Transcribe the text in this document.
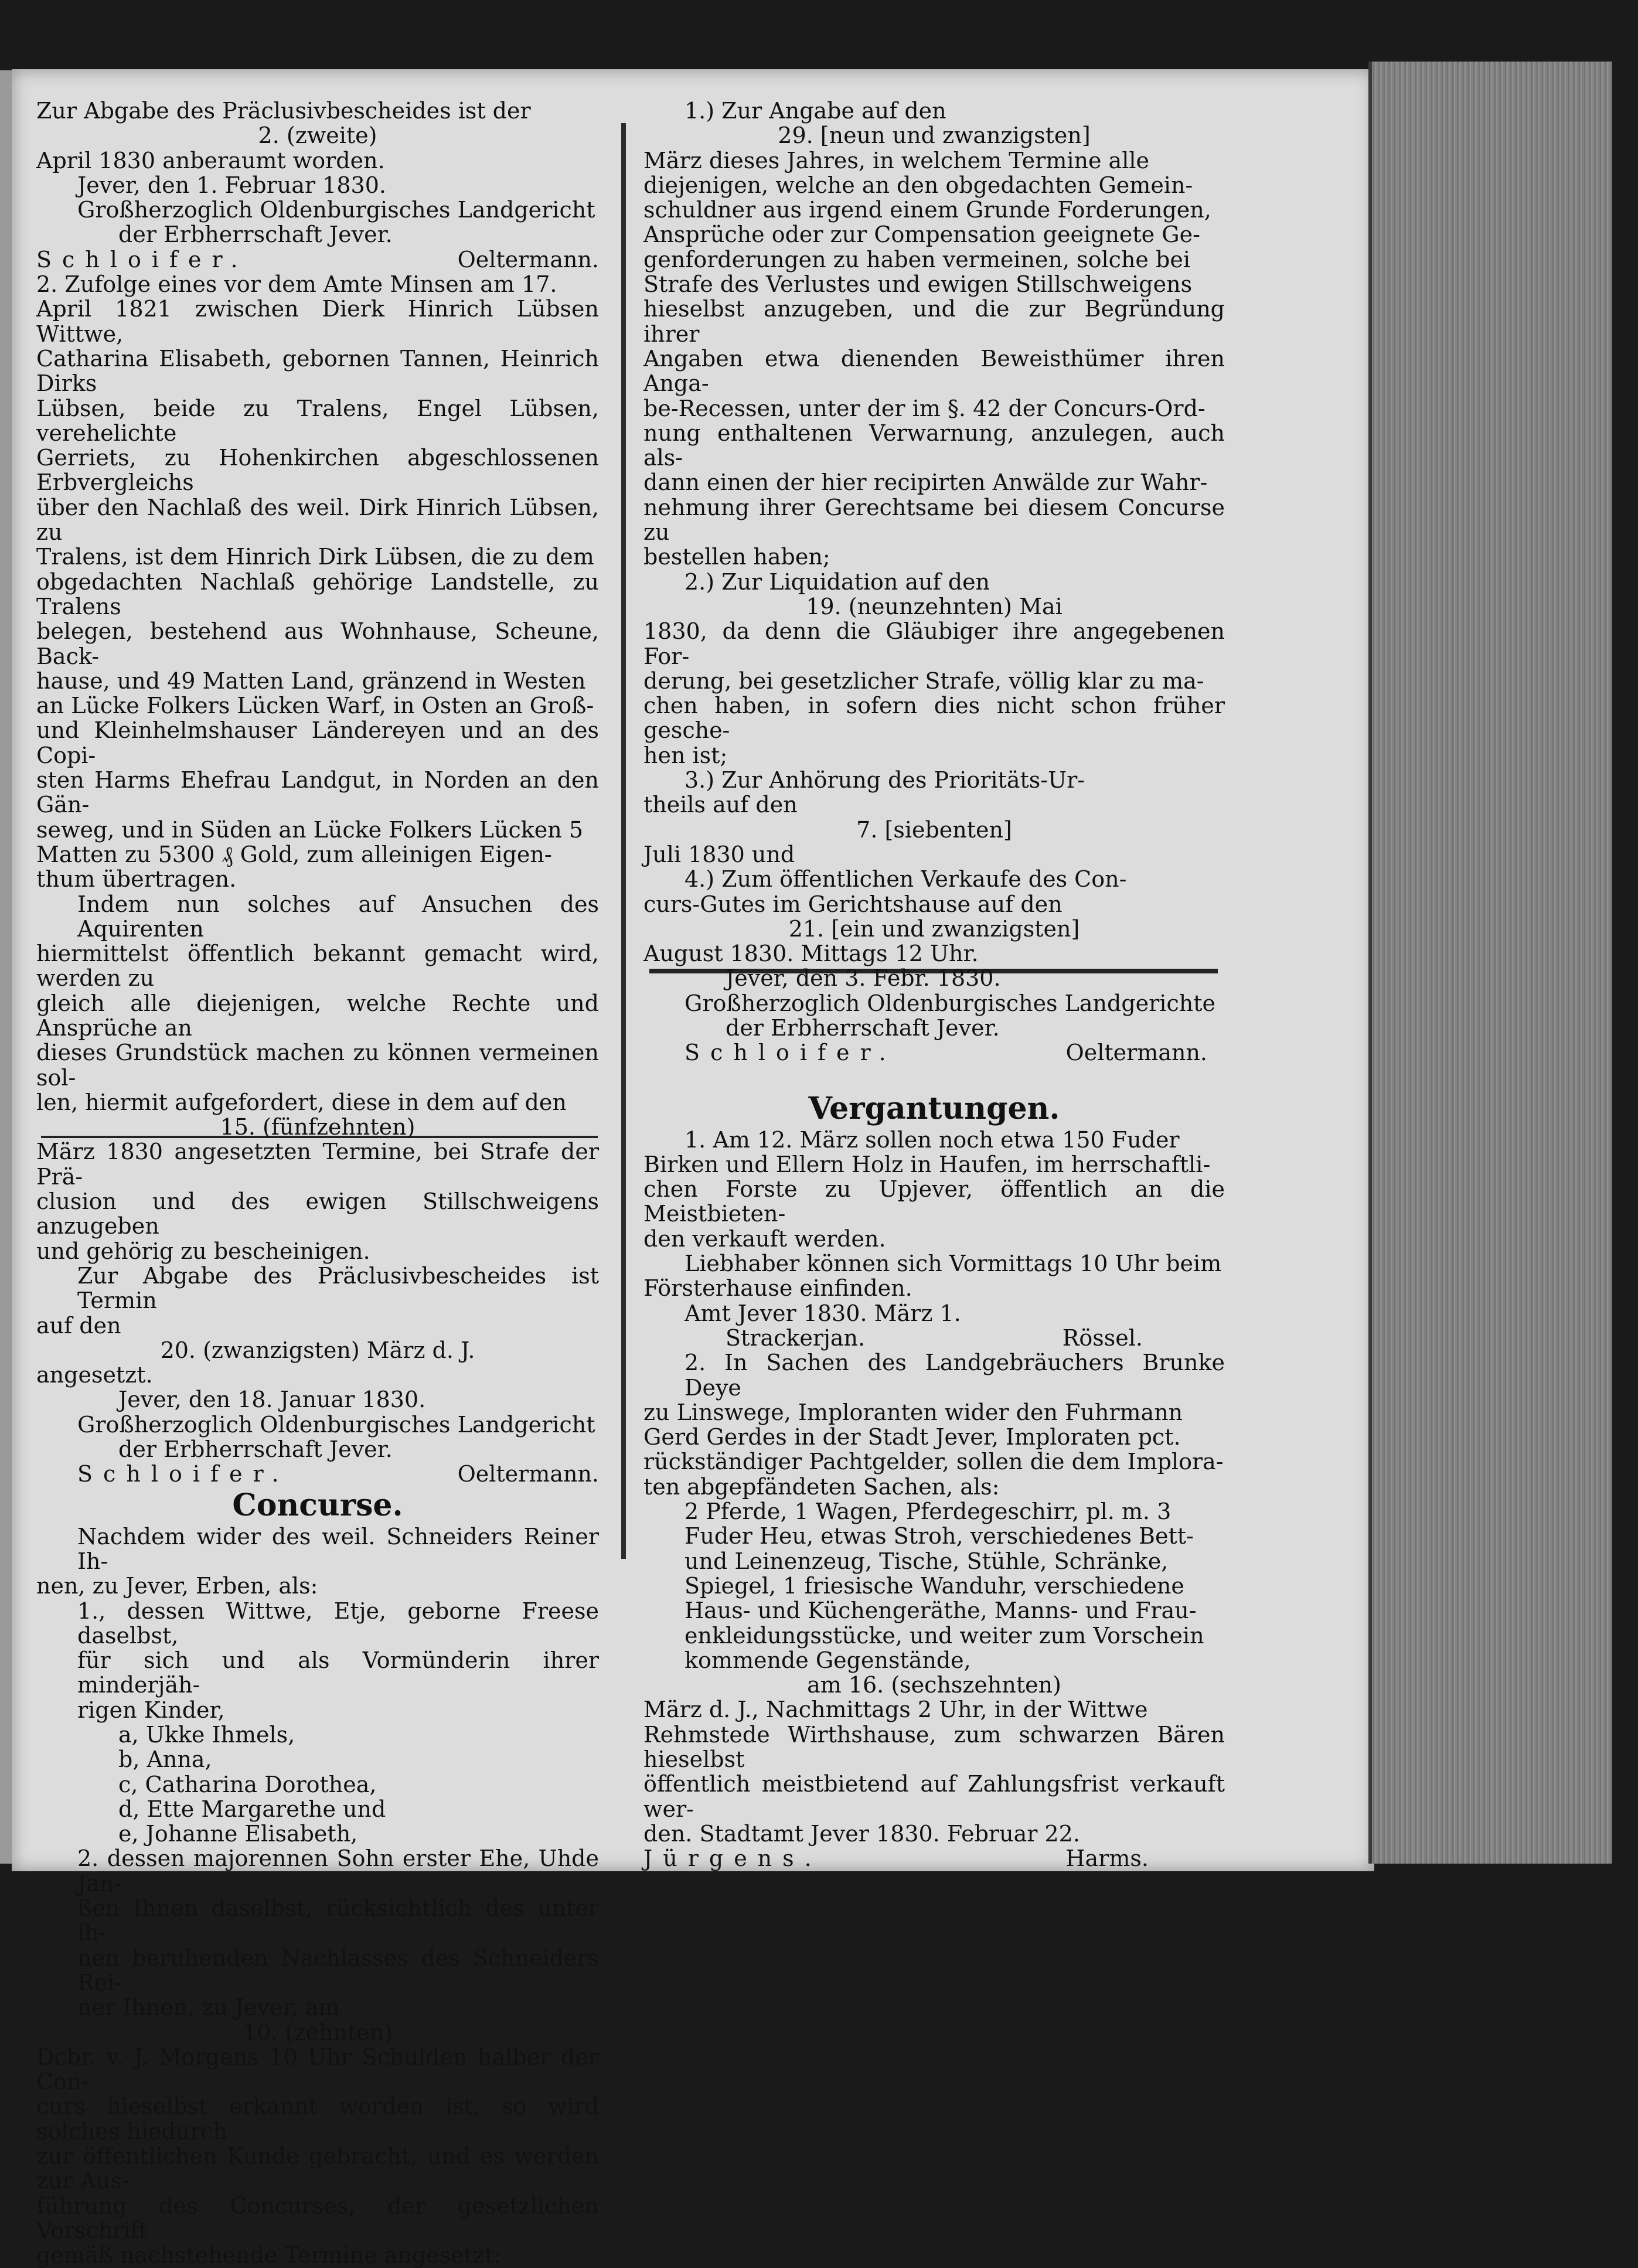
Zur Abgabe des Präclusivbescheides ist der

2. (zweite)

April 1830 anberaumt worden.

Jever, den 1. Februar 1830.

Großherzoglich Oldenburgisches Landgericht

der Erbherrschaft Jever.

Schloifer.	Oeltermann.

2. Zufolge eines vor dem Amte Minsen am 17.

April 1821 zwischen Dierk Hinrich Lübsen Wittwe,

Catharina Elisabeth, gebornen Tannen, Heinrich Dirks

Lübsen, beide zu Tralens, Engel Lübsen, verehelichte

Gerriets, zu Hohenkirchen abgeschlossenen Erbvergleichs

über den Nachlaß des weil. Dirk Hinrich Lübsen, zu

Tralens, ist dem Hinrich Dirk Lübsen, die zu dem

obgedachten Nachlaß gehörige Landstelle, zu Tralens

belegen, bestehend aus Wohnhause, Scheune, Back-

hause, und 49 Matten Land, gränzend in Westen

an Lücke Folkers Lücken Warf, in Osten an Groß-

und Kleinhelmshauser Ländereyen und an des Copi-

sten Harms Ehefrau Landgut, in Norden an den Gän-

seweg, und in Süden an Lücke Folkers Lücken 5

Matten zu 5300 ₰ Gold, zum alleinigen Eigen-

thum übertragen.

Indem nun solches auf Ansuchen des Aquirenten

hiermittelst öffentlich bekannt gemacht wird, werden zu

gleich alle diejenigen, welche Rechte und Ansprüche an

dieses Grundstück machen zu können vermeinen sol-

len, hiermit aufgefordert, diese in dem auf den

15. (fünfzehnten)

März 1830 angesetzten Termine, bei Strafe der Prä-

clusion und des ewigen Stillschweigens anzugeben

und gehörig zu bescheinigen.

Zur Abgabe des Präclusivbescheides ist Termin

auf den

20. (zwanzigsten) März d. J.

angesetzt.

Jever, den 18. Januar 1830.

Großherzoglich Oldenburgisches Landgericht

der Erbherrschaft Jever.

Schloifer.	Oeltermann.
Concurse.

Nachdem wider des weil. Schneiders Reiner Ih-

nen, zu Jever, Erben, als:

1., dessen Wittwe, Etje, geborne Freese daselbst,

für sich und als Vormünderin ihrer minderjäh-

rigen Kinder,

a, Ukke Ihmels,

b, Anna,

c, Catharina Dorothea,

d, Ette Margarethe und

e, Johanne Elisabeth,

2. dessen majorennen Sohn erster Ehe, Uhde Jan-

ßen Ihnen daselbst, rücksichtlich des unter ih-

nen beruhenden Nachlasses des Schneiders Rei-

ner Ihnen, zu Jever, am

10. (zehnten)

Dcbr. v. J. Morgens 10 Uhr Schulden halber der Con-

curs hieselbst erkannt worden ist, so wird solches hiedurch

zur öffentlichen Kunde gebracht, und es werden zur Aus-

führung des Concurses, der gesetzlichen Vorschrift

gemäß nachstehende Termine angesetzt:

1.) Zur Angabe auf den

29. [neun und zwanzigsten]

März dieses Jahres, in welchem Termine alle

diejenigen, welche an den obgedachten Gemein-

schuldner aus irgend einem Grunde Forderungen,

Ansprüche oder zur Compensation geeignete Ge-

genforderungen zu haben vermeinen, solche bei

Strafe des Verlustes und ewigen Stillschweigens

hieselbst anzugeben, und die zur Begründung ihrer

Angaben etwa dienenden Beweisthümer ihren Anga-

be-Recessen, unter der im §. 42 der Concurs-Ord-

nung enthaltenen Verwarnung, anzulegen, auch als-

dann einen der hier recipirten Anwälde zur Wahr-

nehmung ihrer Gerechtsame bei diesem Concurse zu

bestellen haben;

2.) Zur Liquidation auf den

19. (neunzehnten) Mai

1830, da denn die Gläubiger ihre angegebenen For-

derung, bei gesetzlicher Strafe, völlig klar zu ma-

chen haben, in sofern dies nicht schon früher gesche-

hen ist;

3.) Zur Anhörung des Prioritäts-Ur-

theils auf den

7. [siebenten]

Juli 1830 und

4.) Zum öffentlichen Verkaufe des Con-

curs-Gutes im Gerichtshause auf den

21. [ein und zwanzigsten]

August 1830. Mittags 12 Uhr.

Jever, den 3. Febr. 1830.

Großherzoglich Oldenburgisches Landgerichte

der Erbherrschaft Jever.

Schloifer.	Oeltermann.
Vergantungen.

1. Am 12. März sollen noch etwa 150 Fuder

Birken und Ellern Holz in Haufen, im herrschaftli-

chen Forste zu Upjever, öffentlich an die Meistbieten-

den verkauft werden.

Liebhaber können sich Vormittags 10 Uhr beim

Försterhause einfinden.

Amt Jever 1830. März 1.

Strackerjan.	Rössel.

2. In Sachen des Landgebräuchers Brunke Deye

zu Linswege, Imploranten wider den Fuhrmann

Gerd Gerdes in der Stadt Jever, Imploraten pct.

rückständiger Pachtgelder, sollen die dem Implora-

ten abgepfändeten Sachen, als:

2 Pferde, 1 Wagen, Pferdegeschirr, pl. m. 3

Fuder Heu, etwas Stroh, verschiedenes Bett-

und Leinenzeug, Tische, Stühle, Schränke,

Spiegel, 1 friesische Wanduhr, verschiedene

Haus- und Küchengeräthe, Manns- und Frau-

enkleidungsstücke, und weiter zum Vorschein

kommende Gegenstände,

am 16. (sechszehnten)

März d. J., Nachmittags 2 Uhr, in der Wittwe

Rehmstede Wirthshause, zum schwarzen Bären hieselbst

öffentlich meistbietend auf Zahlungsfrist verkauft wer-

den. Stadtamt Jever 1830. Februar 22.

Jürgens.	Harms.
